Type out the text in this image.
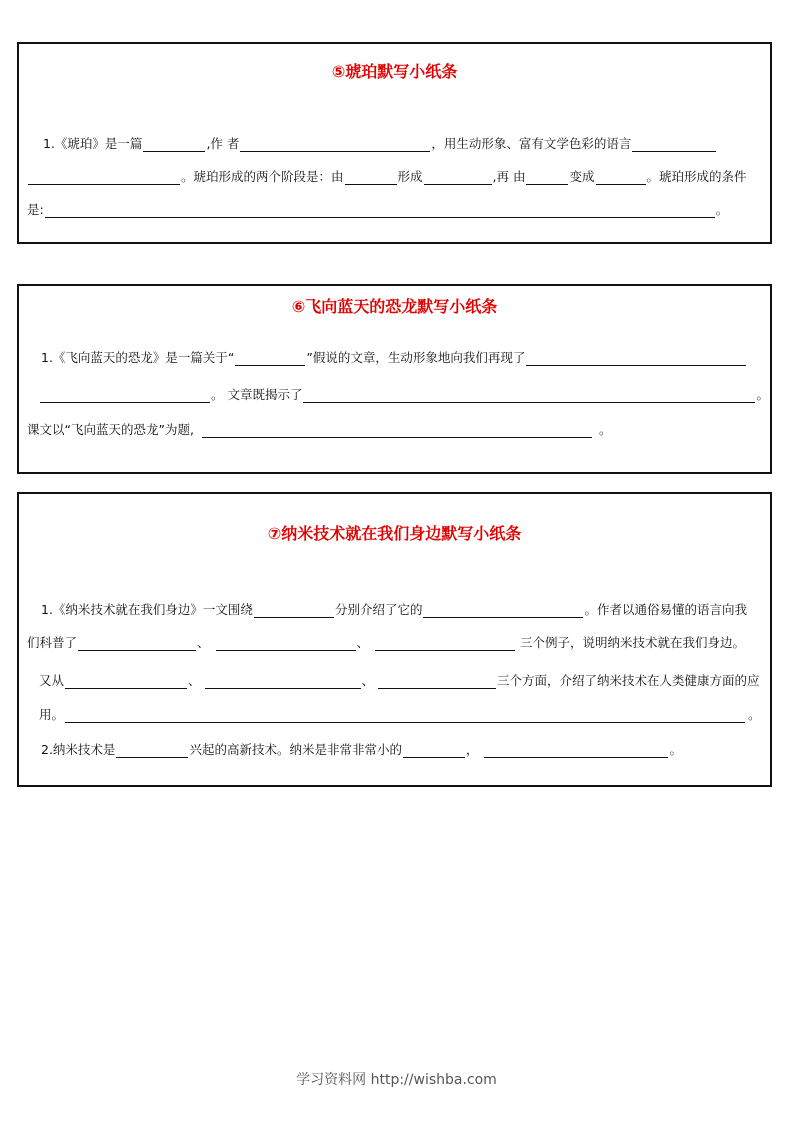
⑤琥珀默写小纸条
1.《琥珀》是一篇	,作 者	，用生动形象、富有文学色彩的语言
。琥珀形成的两个阶段是：由	形成	,再 由	变成	。琥珀形成的条件
是:	。
⑥飞向蓝天的恐龙默写小纸条
1.《飞向蓝天的恐龙》是一篇关于“	”假说的文章，生动形象地向我们再现了
。 文章既揭示了	。
课文以“飞向蓝天的恐龙”为题,	。
⑦纳米技术就在我们身边默写小纸条
1.《纳米技术就在我们身边》一文围绕	分别介绍了它的	。作者以通俗易懂的语言向我
们科普了	、	、	三个例子，说明纳米技术就在我们身边。
又从	、	、	三个方面，介绍了纳米技术在人类健康方面的应
用。	。
2.纳米技术是	兴起的高新技术。纳米是非常非常小的	，	。
学习资料网 http://wishba.com
